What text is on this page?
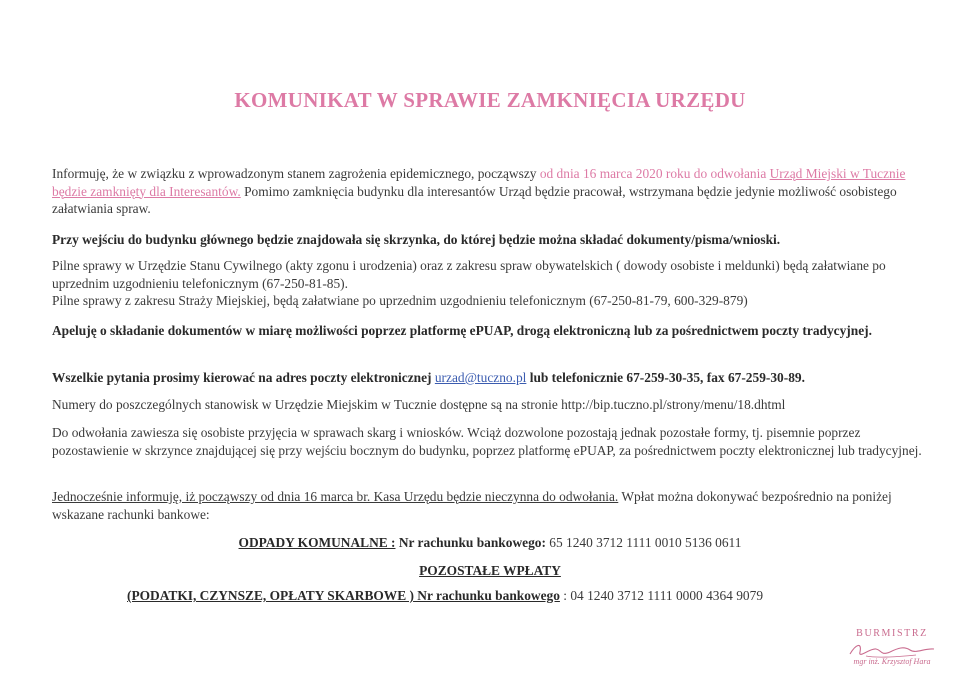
KOMUNIKAT W SPRAWIE ZAMKNIĘCIA URZĘDU
Informuję, że w związku z wprowadzonym stanem zagrożenia epidemicznego, począwszy od dnia 16 marca 2020 roku do odwołania Urząd Miejski w Tucznie będzie zamknięty dla Interesantów. Pomimo zamknięcia budynku dla interesantów Urząd będzie pracował, wstrzymana będzie jedynie możliwość osobistego załatwiania spraw.
Przy wejściu do budynku głównego będzie znajdowała się skrzynka, do której będzie można składać dokumenty/pisma/wnioski.
Pilne sprawy w Urzędzie Stanu Cywilnego (akty zgonu i urodzenia) oraz z zakresu spraw obywatelskich ( dowody osobiste i meldunki) będą załatwiane po uprzednim uzgodnieniu telefonicznym (67-250-81-85).
Pilne sprawy z zakresu Straży Miejskiej, będą załatwiane po uprzednim uzgodnieniu telefonicznym (67-250-81-79, 600-329-879)
Apeluję o składanie dokumentów w miarę możliwości poprzez platformę ePUAP, drogą elektroniczną lub za pośrednictwem poczty tradycyjnej.
Wszelkie pytania prosimy kierować na adres poczty elektronicznej urzad@tuczno.pl lub telefonicznie 67-259-30-35, fax 67-259-30-89.
Numery do poszczególnych stanowisk w Urzędzie Miejskim w Tucznie dostępne są na stronie http://bip.tuczno.pl/strony/menu/18.dhtml
Do odwołania zawiesza się osobiste przyjęcia w sprawach skarg i wniosków. Wciąż dozwolone pozostają jednak pozostałe formy, tj. pisemnie poprzez pozostawienie w skrzynce znajdującej się przy wejściu bocznym do budynku, poprzez platformę ePUAP, za pośrednictwem poczty elektronicznej lub tradycyjnej.
Jednocześnie informuję, iż począwszy od dnia 16 marca br. Kasa Urzędu będzie nieczynna do odwołania. Wpłat można dokonywać bezpośrednio na poniżej wskazane rachunki bankowe:
ODPADY KOMUNALNE : Nr rachunku bankowego: 65 1240 3712 1111 0010 5136 0611
POZOSTAŁE WPŁATY
(PODATKI, CZYNSZE, OPŁATY SKARBOWE ) Nr rachunku bankowego : 04 1240 3712 1111 0000 4364 9079
BURMISTRZ
mgr inż. Krzysztof Hara
